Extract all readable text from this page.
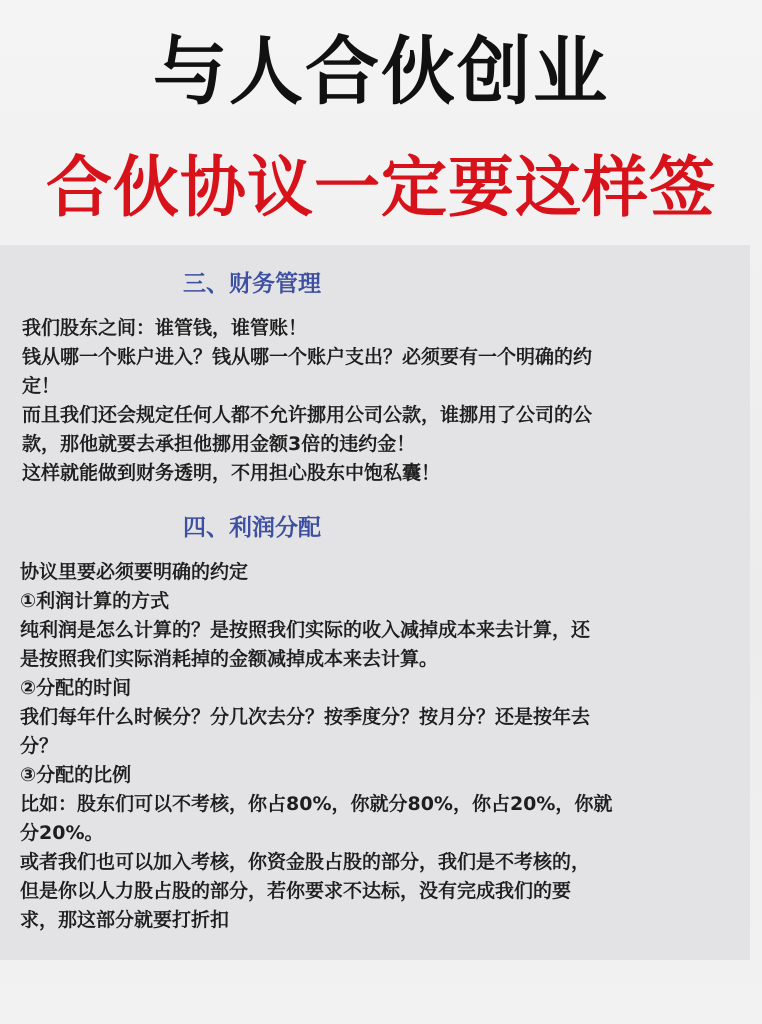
与人合伙创业
合伙协议一定要这样签
三、财务管理
我们股东之间：谁管钱，谁管账！
钱从哪一个账户进入？钱从哪一个账户支出？必须要有一个明确的约
定！
而且我们还会规定任何人都不允许挪用公司公款，谁挪用了公司的公
款，那他就要去承担他挪用金额3倍的违约金！
这样就能做到财务透明，不用担心股东中饱私囊！
四、利润分配
协议里要必须要明确的约定
①利润计算的方式
纯利润是怎么计算的？是按照我们实际的收入减掉成本来去计算，还
是按照我们实际消耗掉的金额减掉成本来去计算。
②分配的时间
我们每年什么时候分？分几次去分？按季度分？按月分？还是按年去
分？
③分配的比例
比如：股东们可以不考核，你占80%，你就分80%，你占20%，你就
分20%。
或者我们也可以加入考核，你资金股占股的部分，我们是不考核的，
但是你以人力股占股的部分，若你要求不达标，没有完成我们的要
求，那这部分就要打折扣
